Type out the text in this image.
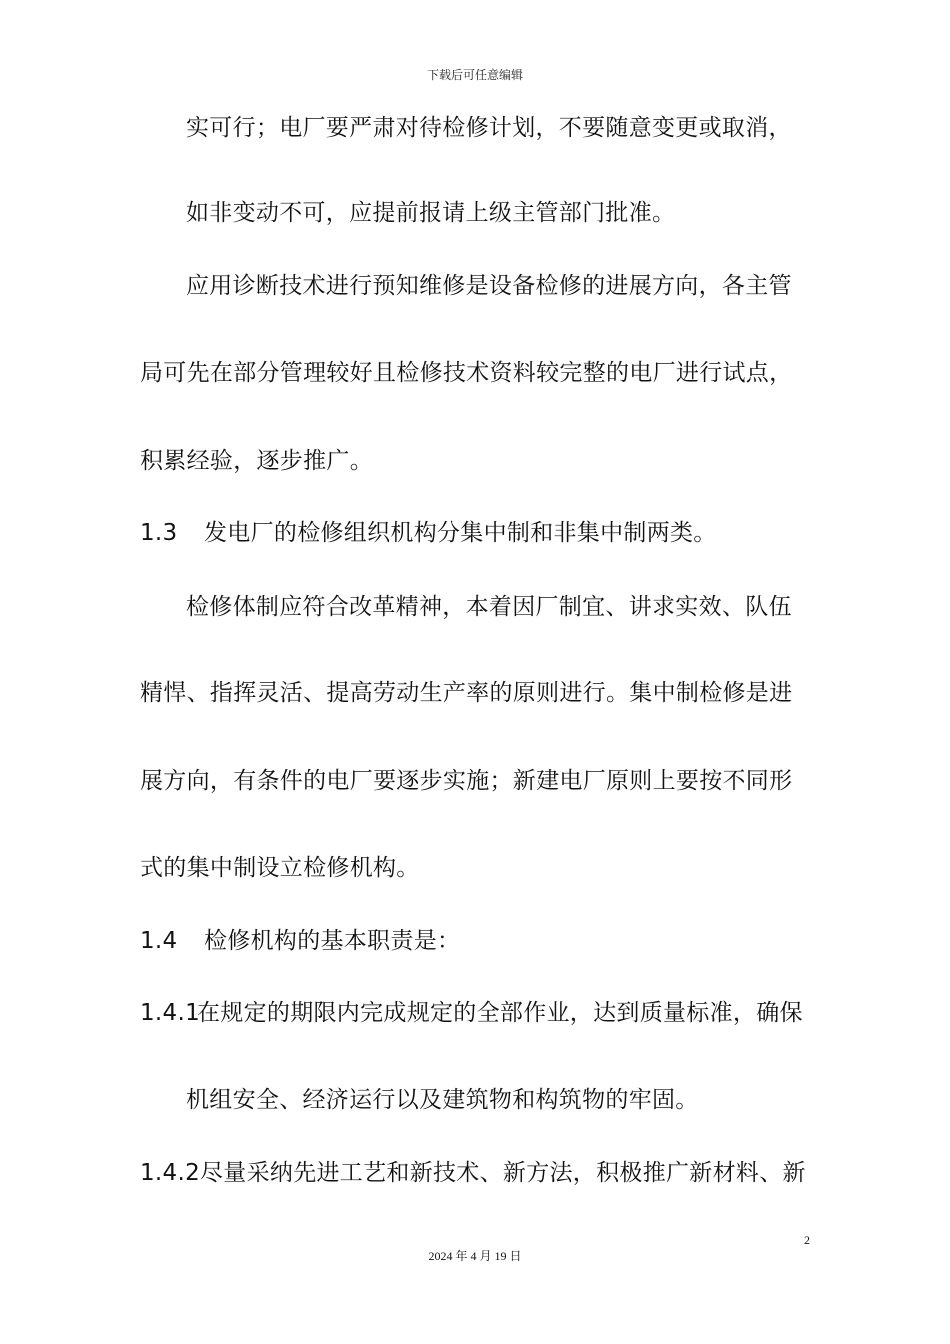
下载后可任意编辑
实可行；电厂要严肃对待检修计划，不要随意变更或取消，
如非变动不可，应提前报请上级主管部门批准。
应用诊断技术进行预知维修是设备检修的进展方向，各主管
局可先在部分管理较好且检修技术资料较完整的电厂进行试点，
积累经验，逐步推广。
1.3 发电厂的检修组织机构分集中制和非集中制两类。
检修体制应符合改革精神，本着因厂制宜、讲求实效、队伍
精悍、指挥灵活、提高劳动生产率的原则进行。集中制检修是进
展方向，有条件的电厂要逐步实施；新建电厂原则上要按不同形
式的集中制设立检修机构。
1.4 检修机构的基本职责是：
1.4.1在规定的期限内完成规定的全部作业，达到质量标准，确保
机组安全、经济运行以及建筑物和构筑物的牢固。
1.4.2尽量采纳先进工艺和新技术、新方法，积极推广新材料、新
2
2024 年 4 月 19 日
